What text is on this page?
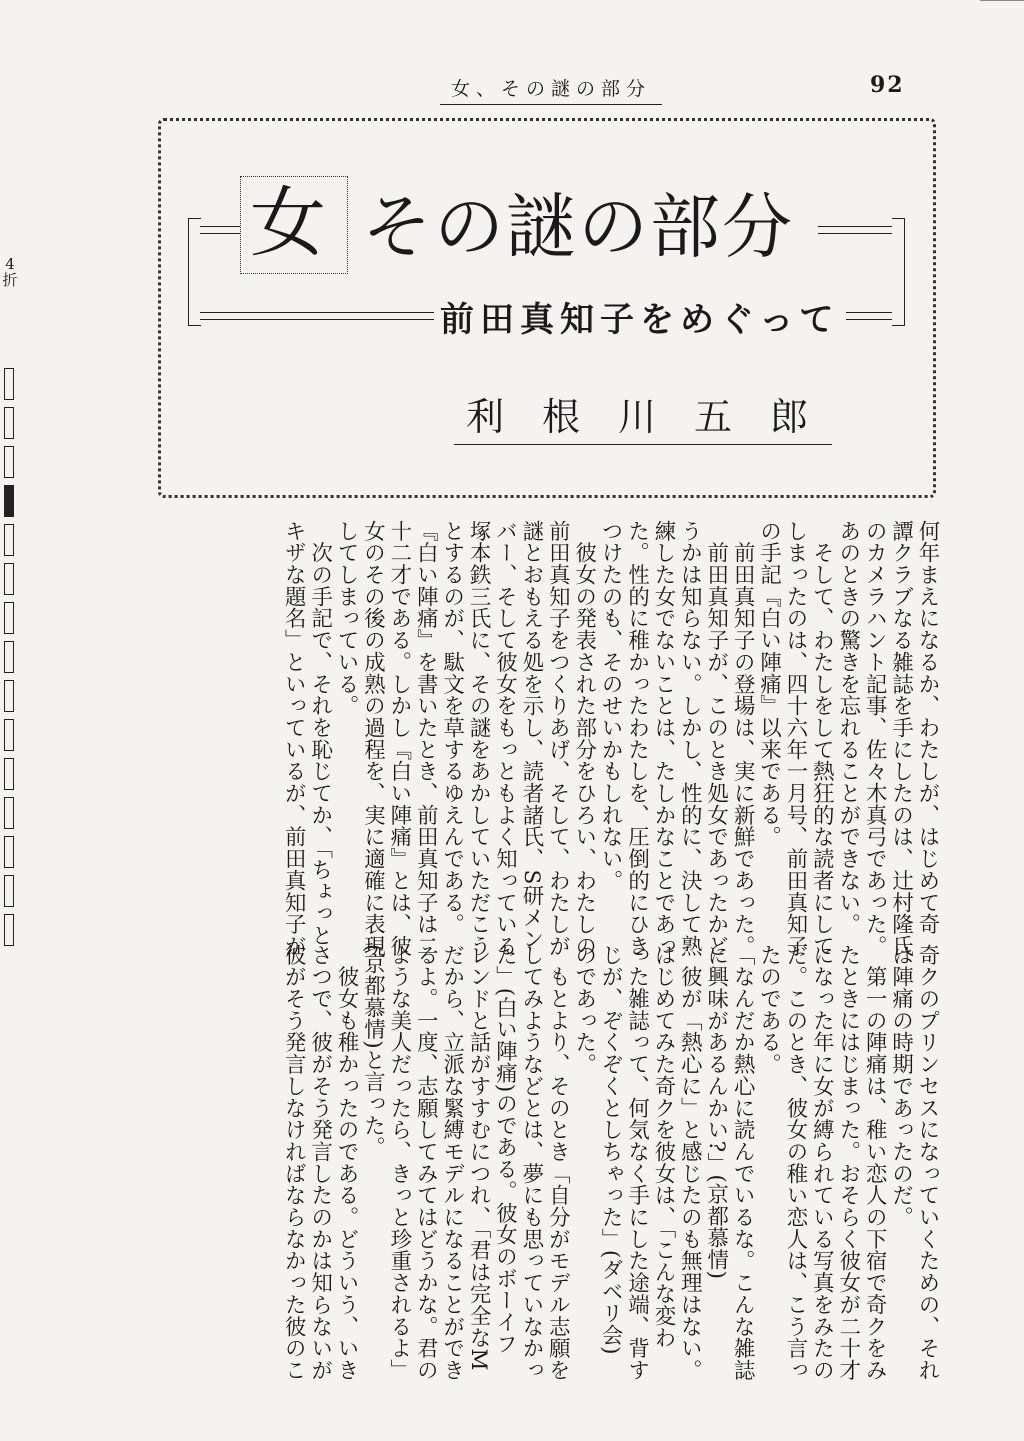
女、その謎の部分	92
4
折
女 その謎の部分
前田真知子をめぐって
利根川五郎
何年まえになるか、わたしが、はじめて奇
譚クラブなる雑誌を手にしたのは、辻村隆氏
のカメラハント記事、佐々木真弓であった。
あのときの驚きを忘れることができない。
　そして、わたしをして熱狂的な読者にして
しまったのは、四十六年一月号、前田真知子
の手記『白い陣痛』以来である。
　前田真知子の登場は、実に新鮮であった。
　前田真知子が、このとき処女であったかど
うかは知らない。しかし、性的に、決して熟
練した女でないことは、たしかなことであっ
た。性的に稚かったわたしを、圧倒的にひき
つけたのも、そのせいかもしれない。
　彼女の発表された部分をひろい、わたしの
前田真知子をつくりあげ、そして、わたしが
謎とおもえる処を示し、読者諸氏、S研メン
バー、そして彼女をもっともよく知っている
塚本鉄三氏に、その謎をあかしていただこう
とするのが、駄文を草するゆえんである。
『白い陣痛』を書いたとき、前田真知子は二
十二才である。しかし『白い陣痛』とは、彼
女のその後の成熟の過程を、実に適確に表現
してしまっている。
　次の手記で、それを恥じてか、「ちょっと
キザな題名」といっているが、前田真知子が
奇クのプリンセスになっていくための、それ
は陣痛の時期であったのだ。
　第一の陣痛は、稚い恋人の下宿で奇クをみ
たときにはじまった。おそらく彼女が二十才
になった年に女が縛られている写真をみたの
だ。このとき、彼女の稚い恋人は、こう言っ
たのである。
「なんだか熱心に読んでいるな。こんな雑誌
に興味があるんかい?」(京都慕情)
　彼が「熱心に」と感じたのも無理はない。
はじめてみた奇クを彼女は、「こんな変わ
った雑誌って、何気なく手にした途端、背す
じが、ぞくぞくとしちゃった」(ダベリ会)
のであった。
　もとより、そのとき「自分がモデル志願を
してみようなどとは、夢にも思っていなかっ
た」(白い陣痛)のである。彼女のボーイフ
レンドと話がすすむにつれ、「君は完全なM
だから、立派な緊縛モデルになることができ
るよ。一度、志願してみてはどうかな。君の
ような美人だったら、きっと珍重されるよ」
(京都慕情)と言った。
　彼女も稚かったのである。どういう、いき
さつで、彼がそう発言したのかは知らないが
彼がそう発言しなければならなかった彼のこ
